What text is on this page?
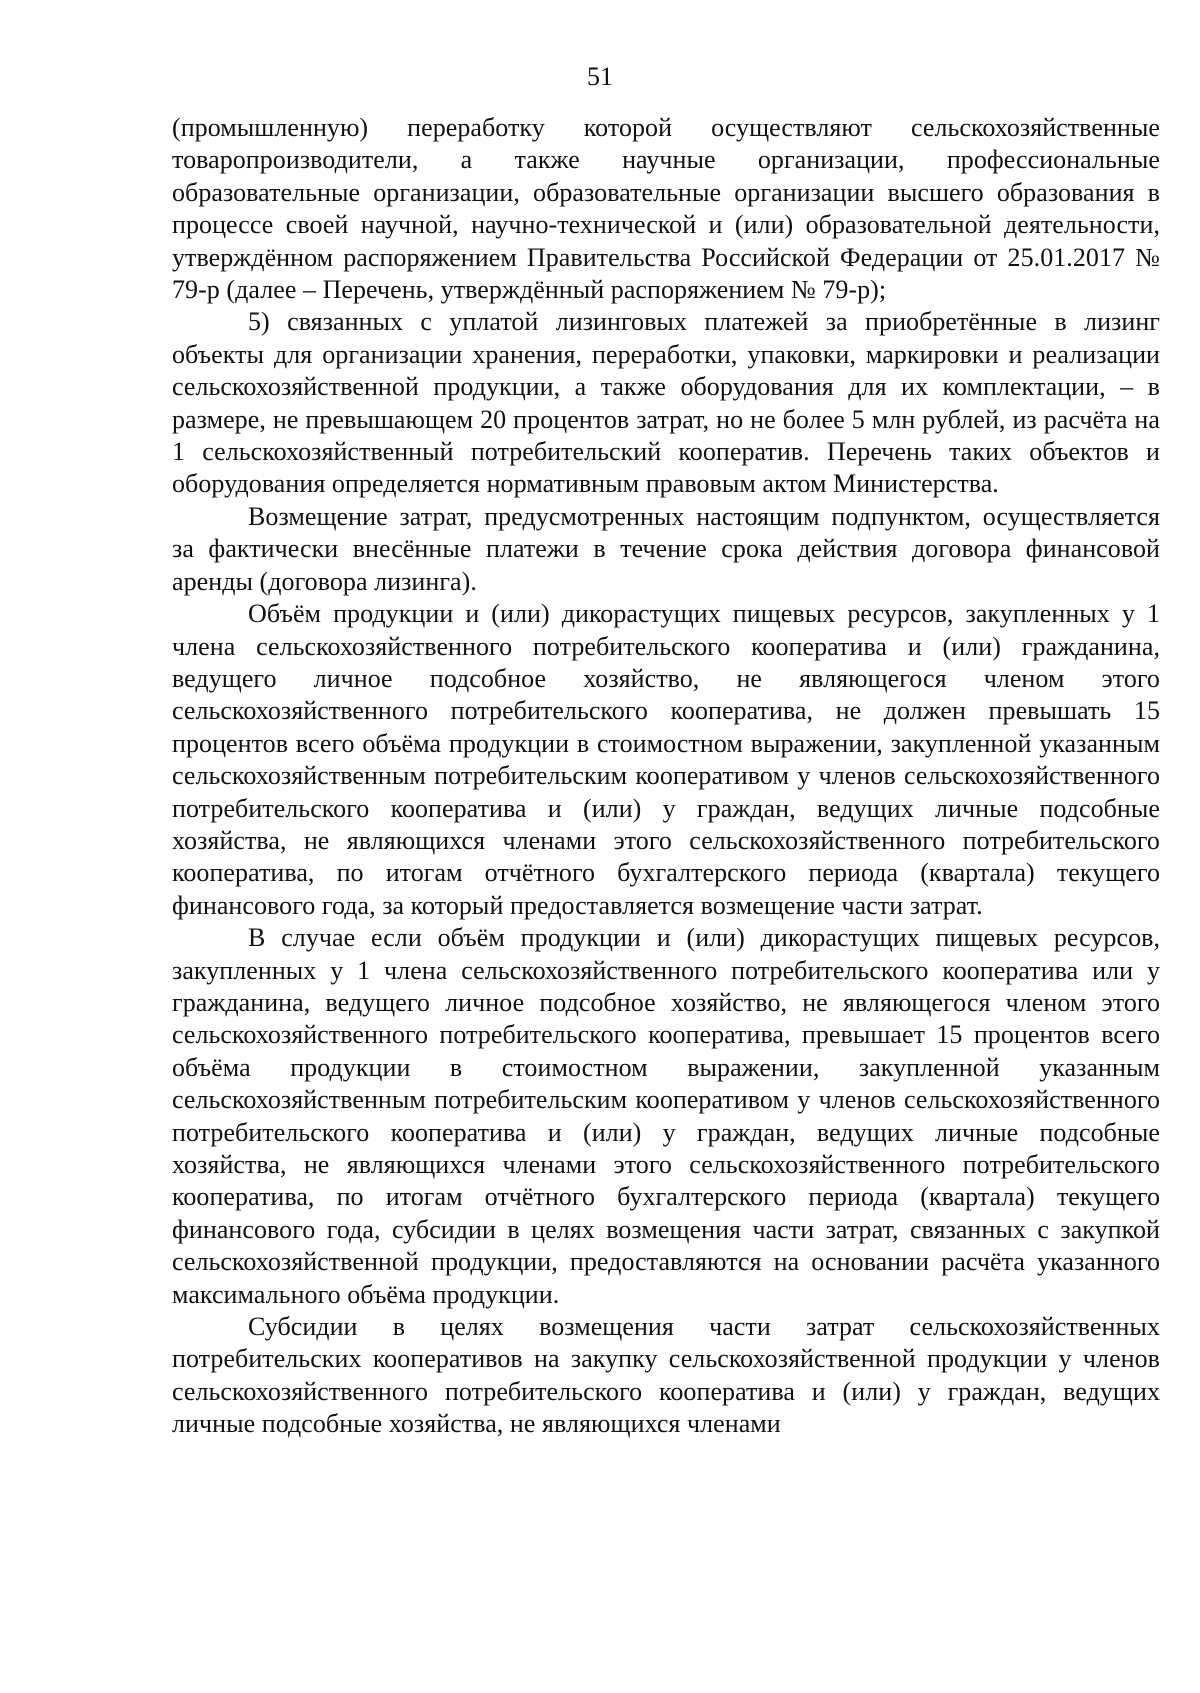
51

(промышленную) переработку которой осуществляют сельскохозяйственные товаропроизводители, а также научные организации, профессиональные образовательные организации, образовательные организации высшего образования в процессе своей научной, научно-технической и (или) образовательной деятельности, утверждённом распоряжением Правительства Российской Федерации от 25.01.2017 № 79-р (далее – Перечень, утверждённый распоряжением № 79-р);

5) связанных с уплатой лизинговых платежей за приобретённые в лизинг объекты для организации хранения, переработки, упаковки, маркировки и реализации сельскохозяйственной продукции, а также оборудования для их комплектации, – в размере, не превышающем 20 процентов затрат, но не более 5 млн рублей, из расчёта на 1 сельскохозяйственный потребительский кооператив. Перечень таких объектов и оборудования определяется нормативным правовым актом Министерства.

Возмещение затрат, предусмотренных настоящим подпунктом, осуществляется за фактически внесённые платежи в течение срока действия договора финансовой аренды (договора лизинга).

Объём продукции и (или) дикорастущих пищевых ресурсов, закупленных у 1 члена сельскохозяйственного потребительского кооператива и (или) гражданина, ведущего личное подсобное хозяйство, не являющегося членом этого сельскохозяйственного потребительского кооператива, не должен превышать 15 процентов всего объёма продукции в стоимостном выражении, закупленной указанным сельскохозяйственным потребительским кооперативом у членов сельскохозяйственного потребительского кооператива и (или) у граждан, ведущих личные подсобные хозяйства, не являющихся членами этого сельскохозяйственного потребительского кооператива, по итогам отчётного бухгалтерского периода (квартала) текущего финансового года, за который предоставляется возмещение части затрат.

В случае если объём продукции и (или) дикорастущих пищевых ресурсов, закупленных у 1 члена сельскохозяйственного потребительского кооператива или у гражданина, ведущего личное подсобное хозяйство, не являющегося членом этого сельскохозяйственного потребительского кооператива, превышает 15 процентов всего объёма продукции в стоимостном выражении, закупленной указанным сельскохозяйственным потребительским кооперативом у членов сельскохозяйственного потребительского кооператива и (или) у граждан, ведущих личные подсобные хозяйства, не являющихся членами этого сельскохозяйственного потребительского кооператива, по итогам отчётного бухгалтерского периода (квартала) текущего финансового года, субсидии в целях возмещения части затрат, связанных с закупкой сельскохозяйственной продукции, предоставляются на основании расчёта указанного максимального объёма продукции.

Субсидии в целях возмещения части затрат сельскохозяйственных потребительских кооперативов на закупку сельскохозяйственной продукции у членов сельскохозяйственного потребительского кооператива и (или) у граждан, ведущих личные подсобные хозяйства, не являющихся членами
